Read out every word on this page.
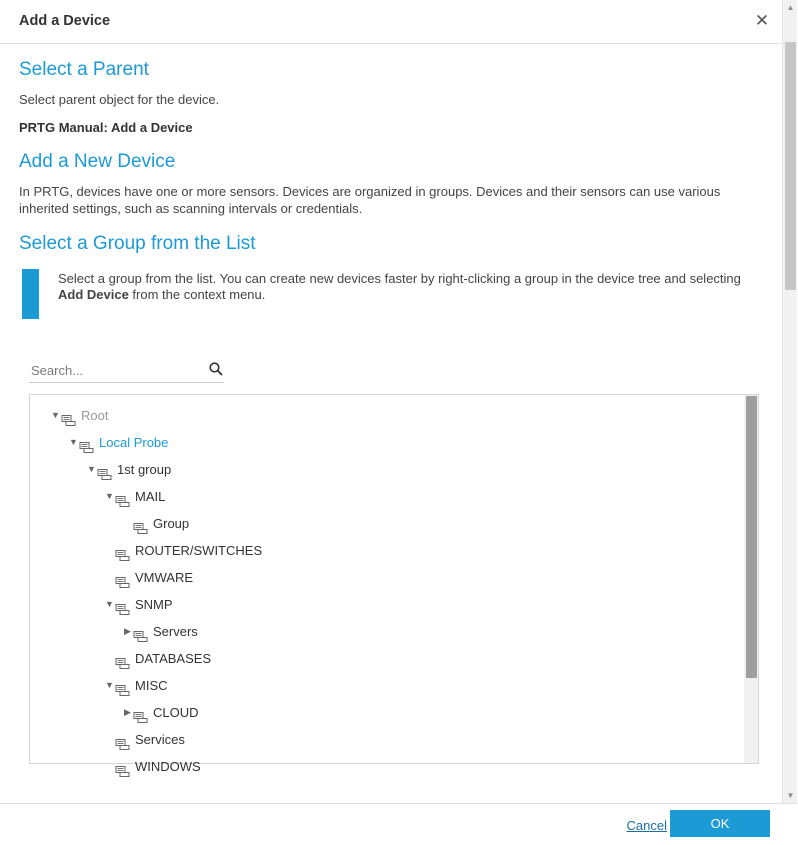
Add a Device	✕
▲
▼
Select a Parent

Select parent object for the device.

PRTG Manual: Add a Device

Add a New Device

In PRTG, devices have one or more sensors. Devices are organized in groups. Devices and their sensors can use various inherited settings, such as scanning intervals or credentials.

Select a Group from the List
Select a group from the list. You can create new devices faster by right-clicking a group in the device tree and selecting Add Device from the context menu.
Search...
▼ Root
▼ Local Probe
▼ 1st group
▼ MAIL
Group
ROUTER/SWITCHES
VMWARE
▼ SNMP
▶ Servers
DATABASES
▼ MISC
▶ CLOUD
Services
WINDOWS
Cancel	OK
